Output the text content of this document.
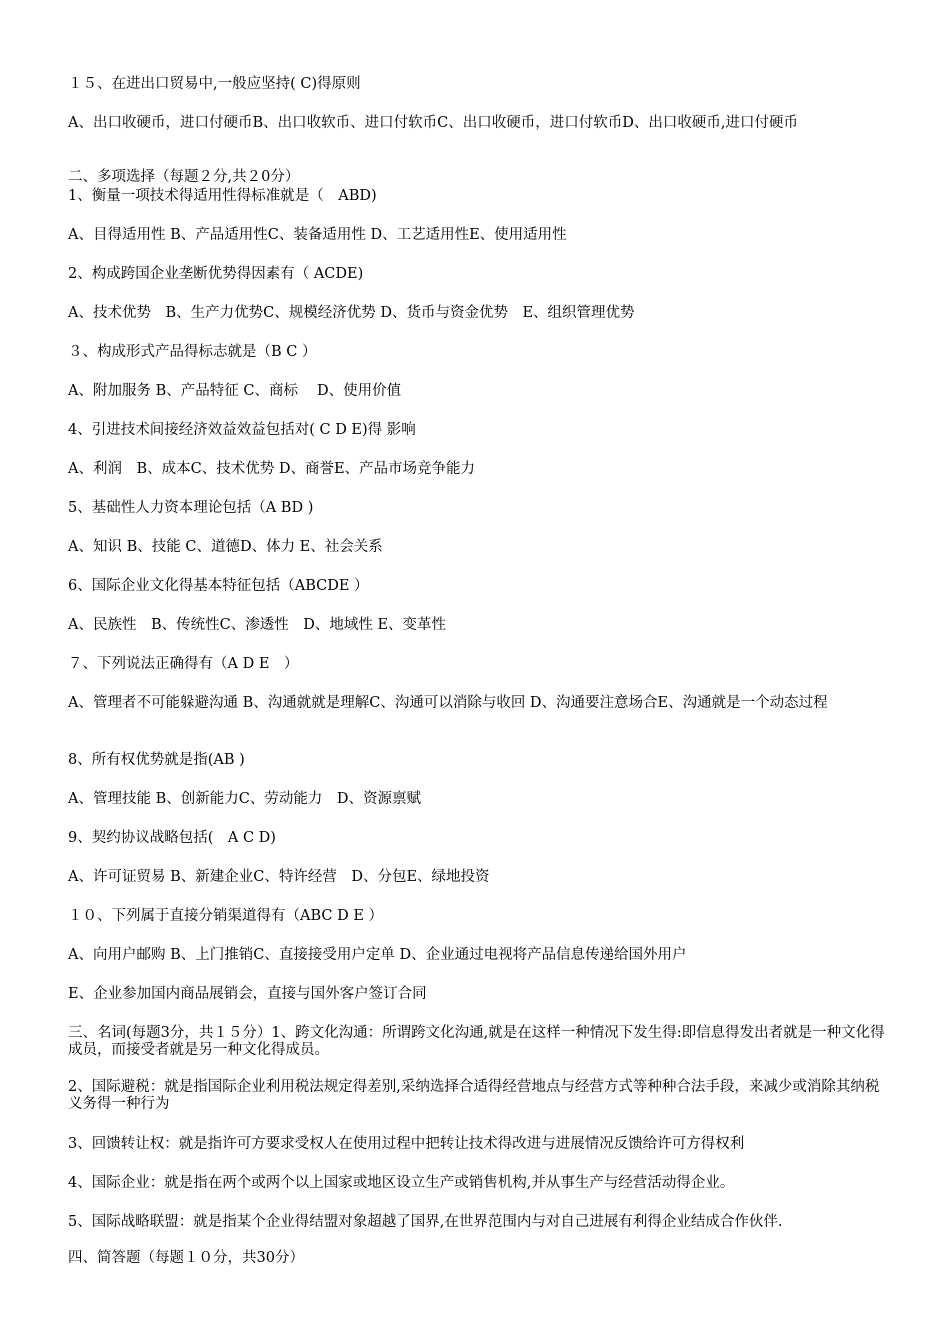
１５、在进出口贸易中,一般应坚持( C)得原则
A、出口收硬币，进口付硬币B、出口收软币、进口付软币C、出口收硬币，进口付软币D、出口收硬币,进口付硬币
二、多项选择（每题２分,共２0分）
1、衡量一项技术得适用性得标准就是（　ABD)
A、目得适用性 B、产品适用性C、装备适用性 D、工艺适用性E、使用适用性
2、构成跨国企业垄断优势得因素有（ ACDE)
A、技术优势　B、生产力优势C、规模经济优势 D、货币与资金优势　E、组织管理优势
３、构成形式产品得标志就是（B C ）
A、附加服务 B、产品特征 C、商标　 D、使用价值
4、引进技术间接经济效益效益包括对( C D E)得 影响
A、利润　B、成本C、技术优势 D、商誉E、产品市场竞争能力
5、基础性人力资本理论包括（A BD )
A、知识 B、技能 C、道德D、体力 E、社会关系
6、国际企业文化得基本特征包括（ABCDE ）
A、民族性　B、传统性C、渗透性　D、地域性 E、变革性
７、下列说法正确得有（A D E　）
A、管理者不可能躲避沟通 B、沟通就就是理解C、沟通可以消除与收回 D、沟通要注意场合E、沟通就是一个动态过程
8、所有权优势就是指(AB )
A、管理技能 B、创新能力C、劳动能力　D、资源禀赋
9、契约协议战略包括(　A C D)
A、许可证贸易 B、新建企业C、特许经营　D、分包E、绿地投资
１０、下列属于直接分销渠道得有（ABC D E ）
A、向用户邮购 B、上门推销C、直接接受用户定单 D、企业通过电视将产品信息传递给国外用户
E、企业参加国内商品展销会，直接与国外客户签订合同
三、名词(每题3分，共１５分）1、跨文化沟通：所谓跨文化沟通,就是在这样一种情况下发生得:即信息得发出者就是一种文化得成员，而接受者就是另一种文化得成员。
2、国际避税：就是指国际企业利用税法规定得差别,采纳选择合适得经营地点与经营方式等种种合法手段，来减少或消除其纳税义务得一种行为
3、回馈转让权：就是指许可方要求受权人在使用过程中把转让技术得改进与进展情况反馈给许可方得权利
4、国际企业：就是指在两个或两个以上国家或地区设立生产或销售机构,并从事生产与经营活动得企业。
5、国际战略联盟：就是指某个企业得结盟对象超越了国界,在世界范围内与对自己进展有利得企业结成合作伙伴.
四、简答题（每题１０分，共30分）
